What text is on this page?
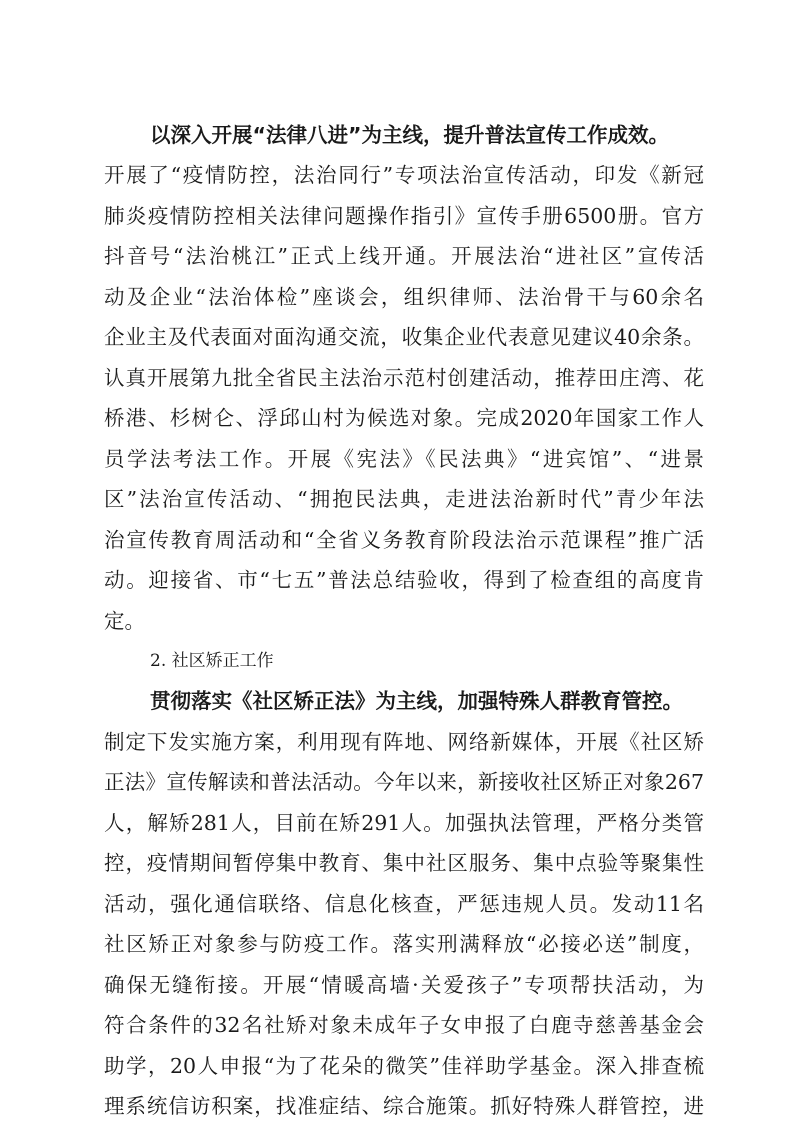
以深入开展“法律八进”为主线，提升普法宣传工作成效。
开展了“疫情防控，法治同行”专项法治宣传活动，印发《新冠
肺炎疫情防控相关法律问题操作指引》宣传手册6500册。官方
抖音号“法治桃江”正式上线开通。开展法治“进社区”宣传活
动及企业“法治体检”座谈会，组织律师、法治骨干与60余名
企业主及代表面对面沟通交流，收集企业代表意见建议40余条。
认真开展第九批全省民主法治示范村创建活动，推荐田庄湾、花
桥港、杉树仑、浮邱山村为候选对象。完成2020年国家工作人
员学法考法工作。开展《宪法》《民法典》“进宾馆”、“进景
区”法治宣传活动、“拥抱民法典，走进法治新时代”青少年法
治宣传教育周活动和“全省义务教育阶段法治示范课程”推广活
动。迎接省、市“七五”普法总结验收，得到了检查组的高度肯
定。
2. 社区矫正工作
贯彻落实《社区矫正法》为主线，加强特殊人群教育管控。
制定下发实施方案，利用现有阵地、网络新媒体，开展《社区矫
正法》宣传解读和普法活动。今年以来，新接收社区矫正对象267
人，解矫281人，目前在矫291人。加强执法管理，严格分类管
控，疫情期间暂停集中教育、集中社区服务、集中点验等聚集性
活动，强化通信联络、信息化核查，严惩违规人员。发动11名
社区矫正对象参与防疫工作。落实刑满释放“必接必送”制度，
确保无缝衔接。开展“情暖高墙·关爱孩子”专项帮扶活动，为
符合条件的32名社矫对象未成年子女申报了白鹿寺慈善基金会
助学，20人申报“为了花朵的微笑”佳祥助学基金。深入排查梳
理系统信访积案，找准症结、综合施策。抓好特殊人群管控，进
